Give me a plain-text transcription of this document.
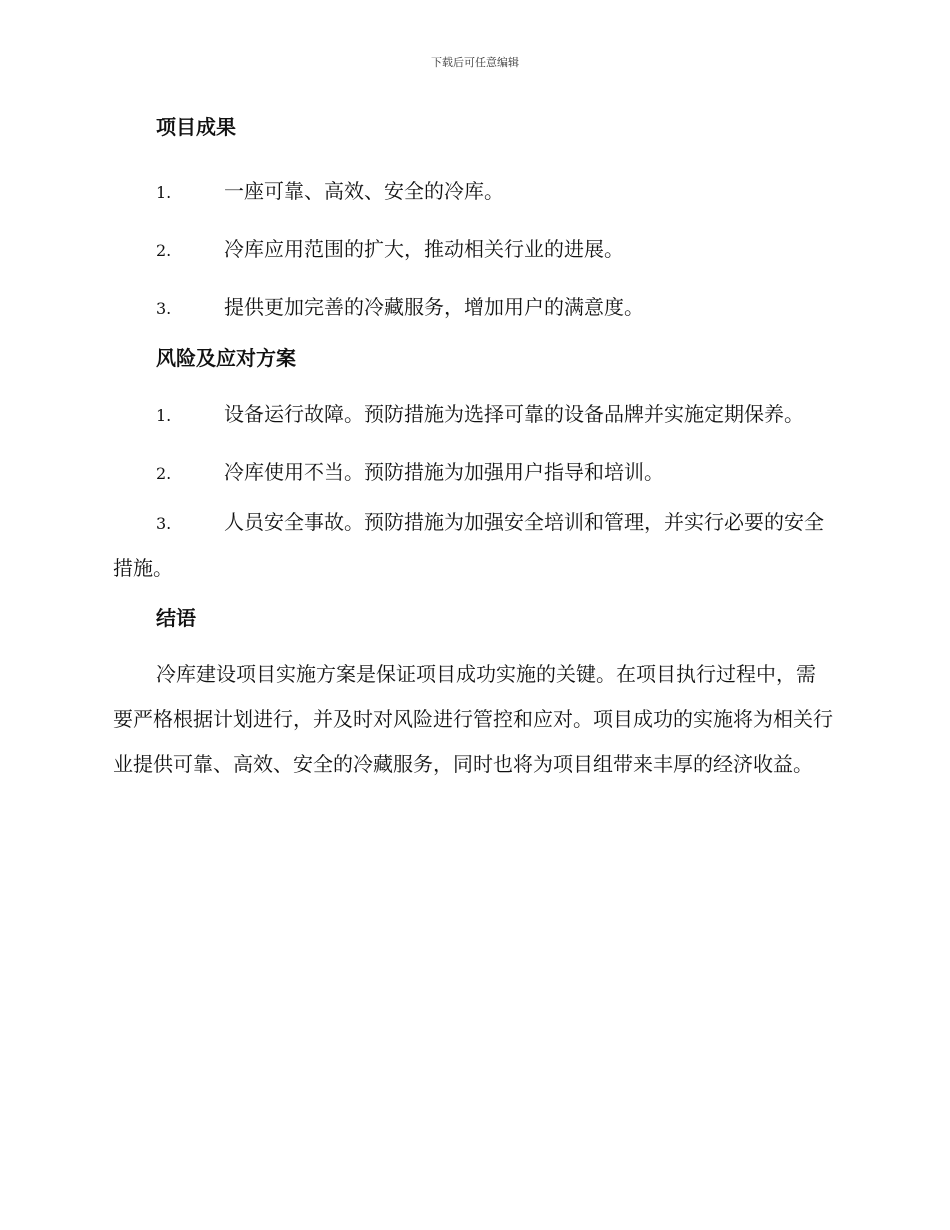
下载后可任意编辑
项目成果
1.	一座可靠、高效、安全的冷库。
2.	冷库应用范围的扩大，推动相关行业的进展。
3.	提供更加完善的冷藏服务，增加用户的满意度。
风险及应对方案
1.	设备运行故障。预防措施为选择可靠的设备品牌并实施定期保养。
2.	冷库使用不当。预防措施为加强用户指导和培训。
3.	人员安全事故。预防措施为加强安全培训和管理，并实行必要的安全措施。
结语
冷库建设项目实施方案是保证项目成功实施的关键。在项目执行过程中，需要严格根据计划进行，并及时对风险进行管控和应对。项目成功的实施将为相关行业提供可靠、高效、安全的冷藏服务，同时也将为项目组带来丰厚的经济收益。
